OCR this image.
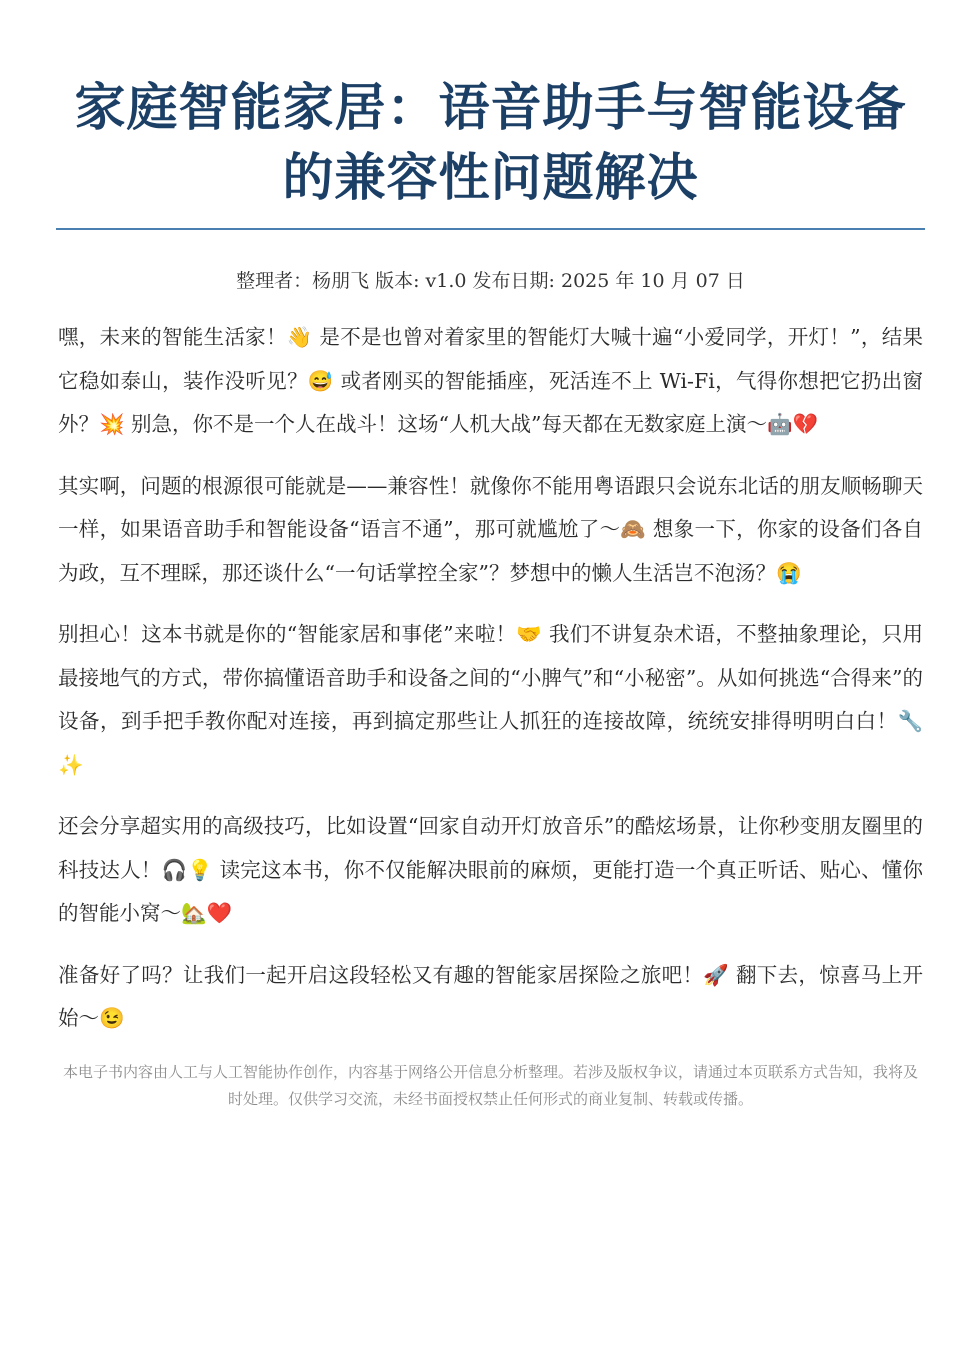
家庭智能家居：语音助手与智能设备的兼容性问题解决
整理者：杨朋飞 版本: v1.0 发布日期: 2025 年 10 月 07 日

嘿，未来的智能生活家！👋 是不是也曾对着家里的智能灯大喊十遍“小爱同学，开灯！”，结果它稳如泰山，装作没听见？😅 或者刚买的智能插座，死活连不上 Wi-Fi，气得你想把它扔出窗外？💥 别急，你不是一个人在战斗！这场“人机大战”每天都在无数家庭上演～🤖💔

其实啊，问题的根源很可能就是——兼容性！就像你不能用粤语跟只会说东北话的朋友顺畅聊天一样，如果语音助手和智能设备“语言不通”，那可就尴尬了～🙈 想象一下，你家的设备们各自为政，互不理睬，那还谈什么“一句话掌控全家”？梦想中的懒人生活岂不泡汤？😭

别担心！这本书就是你的“智能家居和事佬”来啦！🤝 我们不讲复杂术语，不整抽象理论，只用最接地气的方式，带你搞懂语音助手和设备之间的“小脾气”和“小秘密”。从如何挑选“合得来”的设备，到手把手教你配对连接，再到搞定那些让人抓狂的连接故障，统统安排得明明白白！🔧✨

还会分享超实用的高级技巧，比如设置“回家自动开灯放音乐”的酷炫场景，让你秒变朋友圈里的科技达人！🎧💡 读完这本书，你不仅能解决眼前的麻烦，更能打造一个真正听话、贴心、懂你的智能小窝～🏡❤️

准备好了吗？让我们一起开启这段轻松又有趣的智能家居探险之旅吧！🚀 翻下去，惊喜马上开始～😉

本电子书内容由人工与人工智能协作创作，内容基于网络公开信息分析整理。若涉及版权争议，请通过本页联系方式告知，我将及时处理。仅供学习交流，未经书面授权禁止任何形式的商业复制、转载或传播。
